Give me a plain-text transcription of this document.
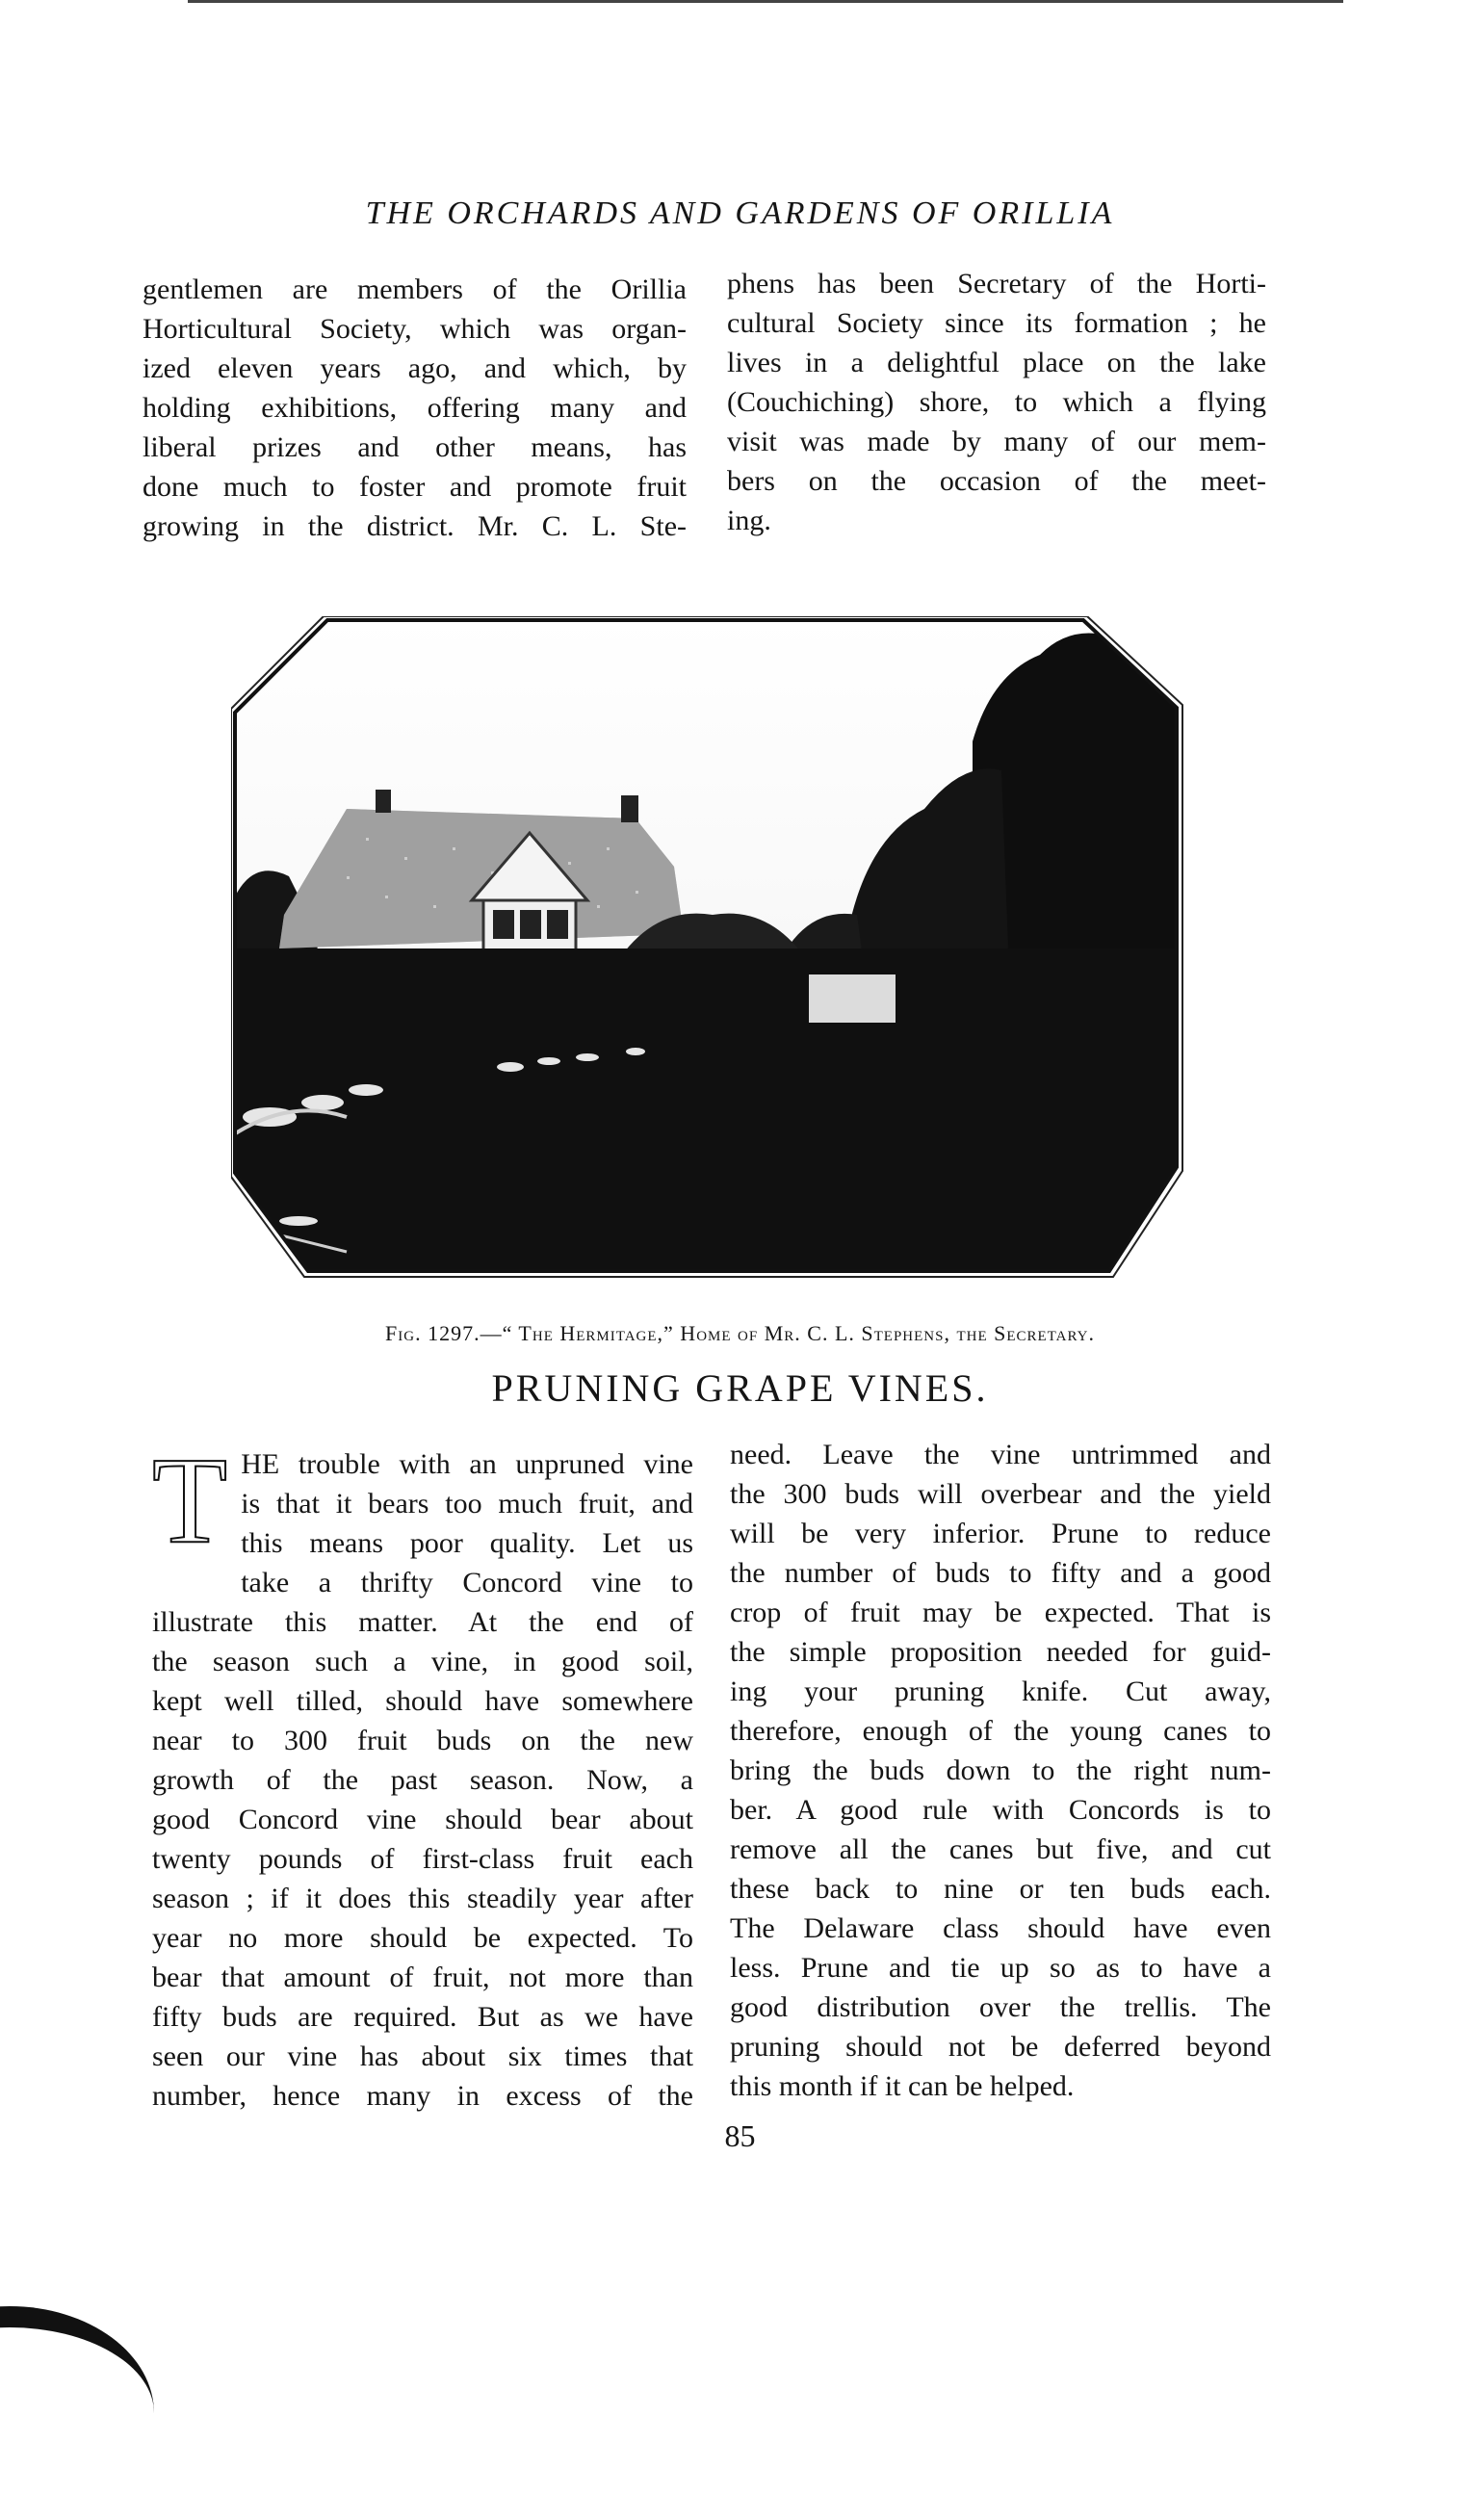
THE ORCHARDS AND GARDENS OF ORILLIA
gentlemen are members of the Orillia
Horticultural Society, which was organ-
ized eleven years ago, and which, by
holding exhibitions, offering many and
liberal prizes and other means, has
done much to foster and promote fruit
growing in the district. Mr. C. L. Ste-
phens has been Secretary of the Horti-
cultural Society since its formation ; he
lives in a delightful place on the lake
(Couchiching) shore, to which a flying
visit was made by many of our mem-
bers on the occasion of the meet-
ing.
Fig. 1297.—“ The Hermitage,” Home of Mr. C. L. Stephens, the Secretary.
PRUNING GRAPE VINES.
T HE trouble with an unpruned vine
is that it bears too much fruit, and
this means poor quality. Let us
take a thrifty Concord vine to
illustrate this matter. At the end of
the season such a vine, in good soil,
kept well tilled, should have somewhere
near to 300 fruit buds on the new
growth of the past season. Now, a
good Concord vine should bear about
twenty pounds of first-class fruit each
season ; if it does this steadily year after
year no more should be expected. To
bear that amount of fruit, not more than
fifty buds are required. But as we have
seen our vine has about six times that
number, hence many in excess of the
need. Leave the vine untrimmed and
the 300 buds will overbear and the yield
will be very inferior. Prune to reduce
the number of buds to fifty and a good
crop of fruit may be expected. That is
the simple proposition needed for guid-
ing your pruning knife. Cut away,
therefore, enough of the young canes to
bring the buds down to the right num-
ber. A good rule with Concords is to
remove all the canes but five, and cut
these back to nine or ten buds each.
The Delaware class should have even
less. Prune and tie up so as to have a
good distribution over the trellis. The
pruning should not be deferred beyond
this month if it can be helped.
85
